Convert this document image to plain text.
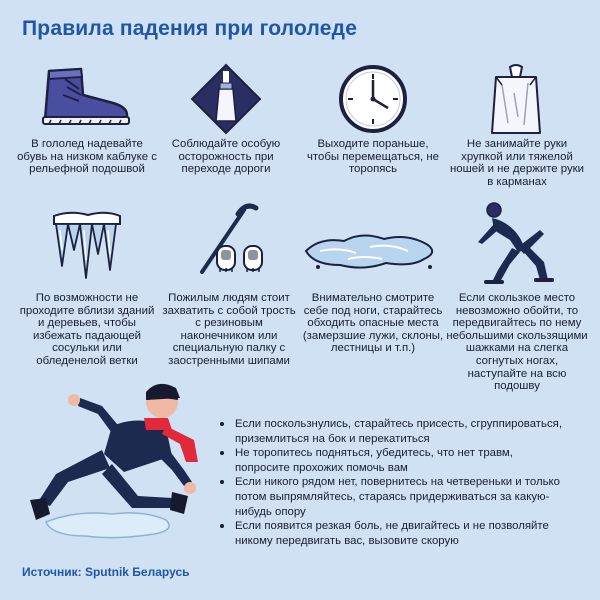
Правила падения при гололеде
В гололед надевайте обувь на низком каблуке с рельефной подошвой
Соблюдайте особую осторожность при переходе дороги
Выходите пораньше, чтобы перемещаться, не торопясь
Не занимайте руки хрупкой или тяжелой ношей и не держите руки в карманах
По возможности не проходите вблизи зданий и деревьев, чтобы избежать падающей сосульки или обледенелой ветки
Пожилым людям стоит захватить с собой трость с резиновым наконечником или специальную палку с заостренными шипами
Внимательно смотрите себе под ноги, старайтесь обходить опасные места (замерзшие лужи, склоны, лестницы и т.п.)
Если скользкое место невозможно обойти, то передвигайтесь по нему небольшими скользящими шажками на слегка согнутых ногах, наступайте на всю подошву
Если поскользнулись, старайтесь присесть, сгруппироваться, приземлиться на бок и перекатиться
Не торопитесь подняться, убедитесь, что нет травм, попросите прохожих помочь вам
Если никого рядом нет, повернитесь на четвереньки и только потом выпрямляйтесь, стараясь придерживаться за какую-нибудь опору
Если появится резкая боль, не двигайтесь и не позволяйте никому передвигать вас, вызовите скорую
Источник: Sputnik Беларусь
